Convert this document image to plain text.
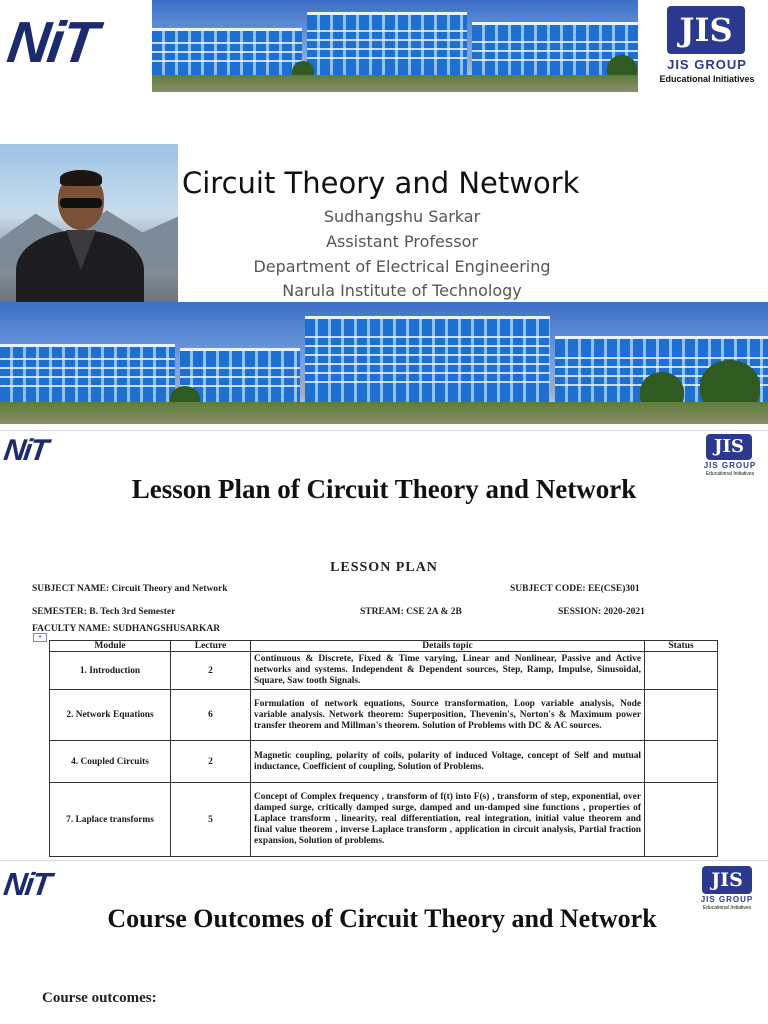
NiT	JIS
JIS GROUP
Educational Initiatives
Circuit Theory and Network
Sudhangshu Sarkar
Assistant Professor
Department of Electrical Engineering
Narula Institute of Technology
NiT	JIS
JIS GROUP
Educational Initiatives
Lesson Plan of Circuit Theory and Network
LESSON PLAN
SUBJECT NAME: Circuit Theory and Network	SUBJECT CODE: EE(CSE)301
SEMESTER: B. Tech 3rd Semester	STREAM: CSE 2A & 2B	SESSION: 2020-2021
FACULTY NAME: SUDHANGSHUSARKAR
+
Module	Lecture	Details topic	Status
1. Introduction	2	Continuous & Discrete, Fixed & Time varying, Linear and Nonlinear, Passive and Active networks and systems. Independent & Dependent sources, Step, Ramp, Impulse, Sinusoidal, Square, Saw tooth Signals.	
2. Network Equations	6	Formulation of network equations, Source transformation, Loop variable analysis, Node variable analysis. Network theorem: Superposition, Thevenin's, Norton's & Maximum power transfer theorem and Millman's theorem. Solution of Problems with DC & AC sources.	
4. Coupled Circuits	2	Magnetic coupling, polarity of coils, polarity of induced Voltage, concept of Self and mutual inductance, Coefficient of coupling, Solution of Problems.	
7. Laplace transforms	5	Concept of Complex frequency , transform of f(t) into F(s) , transform of step, exponential, over damped surge, critically damped surge, damped and un-damped sine functions , properties of Laplace transform , linearity, real differentiation, real integration, initial value theorem and final value theorem , inverse Laplace transform , application in circuit analysis, Partial fraction expansion, Solution of problems.	
NiT	JIS
JIS GROUP
Educational Initiatives
Course Outcomes of Circuit Theory and Network
Course outcomes:
